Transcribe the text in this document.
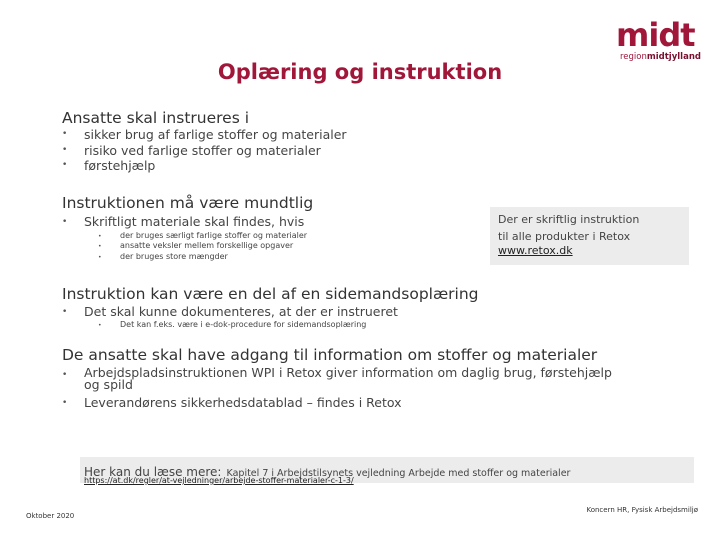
midt
regionmidtjylland
Oplæring og instruktion
Ansatte skal instrueres i
• sikker brug af farlige stoffer og materialer
• risiko ved farlige stoffer og materialer
• førstehjælp
Instruktionen må være mundtlig
• Skriftligt materiale skal findes, hvis
• der bruges særligt farlige stoffer og materialer
• ansatte veksler mellem forskellige opgaver
• der bruges store mængder
Der er skriftlig instruktion
til alle produkter i Retox
www.retox.dk
Instruktion kan være en del af en sidemandsoplæring
• Det skal kunne dokumenteres, at der er instrueret
• Det kan f.eks. være i e-dok-procedure for sidemandsoplæring
De ansatte skal have adgang til information om stoffer og materialer
• Arbejdspladsinstruktionen WPI i Retox giver information om daglig brug, førstehjælp
og spild
• Leverandørens sikkerhedsdatablad – findes i Retox
Her kan du læse mere: Kapitel 7 i Arbejdstilsynets vejledning Arbejde med stoffer og materialer
https://at.dk/regler/at-vejledninger/arbejde-stoffer-materialer-c-1-3/
Oktober 2020
Koncern HR, Fysisk Arbejdsmiljø
